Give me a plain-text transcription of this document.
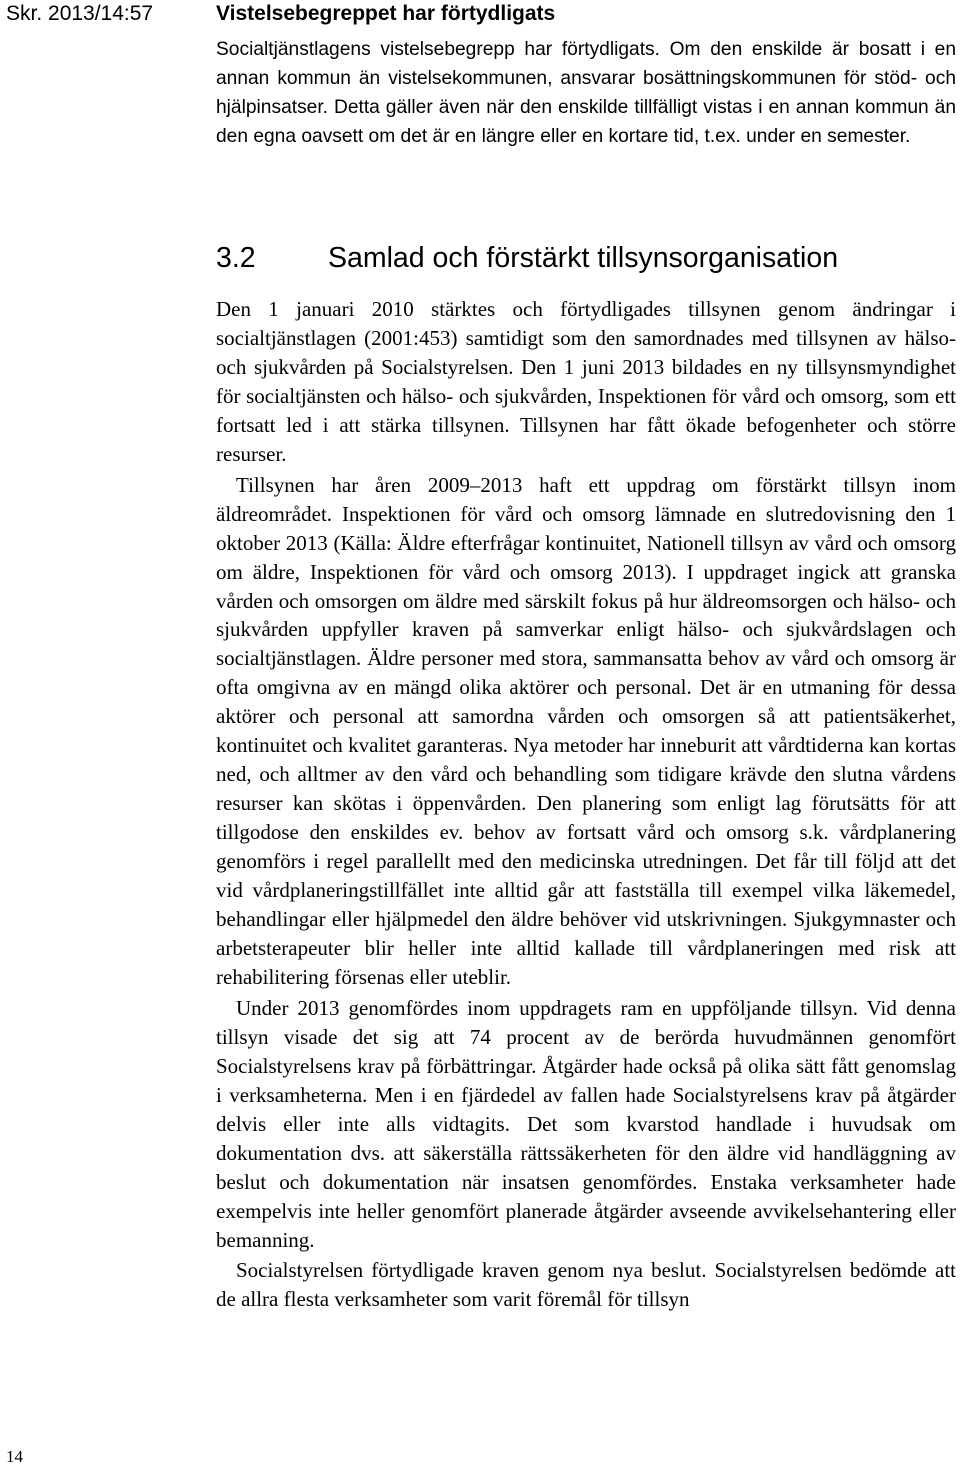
Skr. 2013/14:57
14
Vistelsebegreppet har förtydligats

Socialtjänstlagens vistelsebegrepp har förtydligats. Om den enskilde är bosatt i en annan kommun än vistelsekommunen, ansvarar bosättningskommunen för stöd- och hjälpinsatser. Detta gäller även när den enskilde tillfälligt vistas i en annan kommun än den egna oavsett om det är en längre eller en kortare tid, t.ex. under en semester.

3.2	Samlad och förstärkt tillsynsorganisation

Den 1 januari 2010 stärktes och förtydligades tillsynen genom ändringar i socialtjänstlagen (2001:453) samtidigt som den samordnades med tillsynen av hälso- och sjukvården på Socialstyrelsen. Den 1 juni 2013 bildades en ny tillsynsmyndighet för socialtjänsten och hälso- och sjukvården, Inspektionen för vård och omsorg, som ett fortsatt led i att stärka tillsynen. Tillsynen har fått ökade befogenheter och större resurser.

Tillsynen har åren 2009–2013 haft ett uppdrag om förstärkt tillsyn inom äldreområdet. Inspektionen för vård och omsorg lämnade en slutredovisning den 1 oktober 2013 (Källa: Äldre efterfrågar kontinuitet, Nationell tillsyn av vård och omsorg om äldre, Inspektionen för vård och omsorg 2013). I uppdraget ingick att granska vården och omsorgen om äldre med särskilt fokus på hur äldreomsorgen och hälso- och sjukvården uppfyller kraven på samverkar enligt hälso- och sjukvårdslagen och socialtjänstlagen. Äldre personer med stora, sammansatta behov av vård och omsorg är ofta omgivna av en mängd olika aktörer och personal. Det är en utmaning för dessa aktörer och personal att samordna vården och omsorgen så att patientsäkerhet, kontinuitet och kvalitet garanteras. Nya metoder har inneburit att vårdtiderna kan kortas ned, och alltmer av den vård och behandling som tidigare krävde den slutna vårdens resurser kan skötas i öppenvården. Den planering som enligt lag förutsätts för att tillgodose den enskildes ev. behov av fortsatt vård och omsorg s.k. vårdplanering genomförs i regel parallellt med den medicinska utredningen. Det får till följd att det vid vårdplaneringstillfället inte alltid går att fastställa till exempel vilka läkemedel, behandlingar eller hjälpmedel den äldre behöver vid utskrivningen. Sjukgymnaster och arbetsterapeuter blir heller inte alltid kallade till vårdplaneringen med risk att rehabilitering försenas eller uteblir.

Under 2013 genomfördes inom uppdragets ram en uppföljande tillsyn. Vid denna tillsyn visade det sig att 74 procent av de berörda huvudmännen genomfört Socialstyrelsens krav på förbättringar. Åtgärder hade också på olika sätt fått genomslag i verksamheterna. Men i en fjärdedel av fallen hade Socialstyrelsens krav på åtgärder delvis eller inte alls vidtagits. Det som kvarstod handlade i huvudsak om dokumentation dvs. att säkerställa rättssäkerheten för den äldre vid handläggning av beslut och dokumentation när insatsen genomfördes. Enstaka verksamheter hade exempelvis inte heller genomfört planerade åtgärder avseende avvikelsehantering eller bemanning.

Socialstyrelsen förtydligade kraven genom nya beslut. Socialstyrelsen bedömde att de allra flesta verksamheter som varit föremål för tillsyn
